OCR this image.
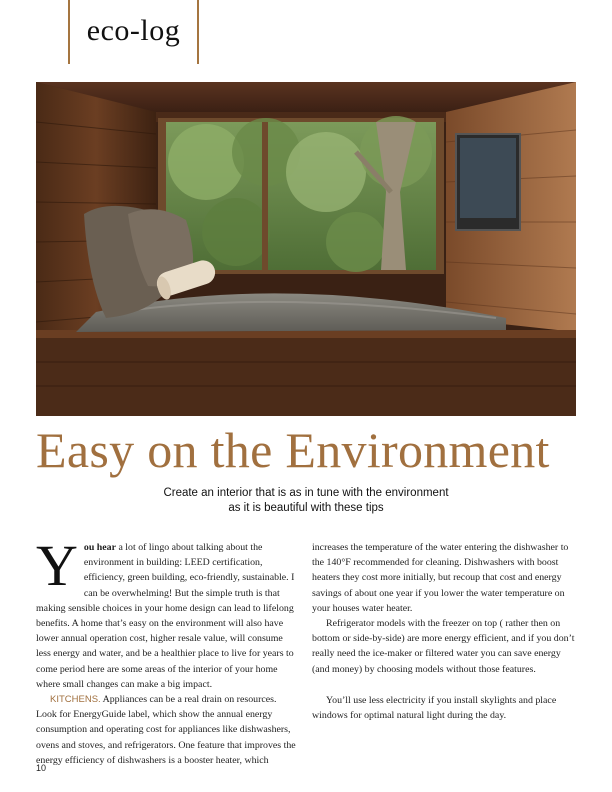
eco-log
Easy on the Environment
Create an interior that is as in tune with the environment
as it is beautiful with these tips

You hear a lot of lingo about talking about the environment in building: LEED certification, efficiency, green building, eco-friendly, sustainable. I can be overwhelming! But the simple truth is that making sensible choices in your home design can lead to lifelong benefits. A home that’s easy on the environment will also have lower annual operation cost, higher resale value, will consume less energy and water, and be a healthier place to live for years to come period here are some areas of the interior of your home where small changes can make a big impact.

KITCHENS. Appliances can be a real drain on resources. Look for EnergyGuide label, which show the annual energy consumption and operating cost for appliances like dishwashers, ovens and stoves, and refrigerators. One feature that improves the energy efficiency of dishwashers is a booster heater, which

increases the temperature of the water entering the dishwasher to the 140°F recommended for cleaning. Dishwashers with boost heaters they cost more initially, but recoup that cost and energy savings of about one year if you lower the water temperature on your houses water heater.

Refrigerator models with the freezer on top ( rather then on bottom or side-by-side) are more energy efficient, and if you don’t really need the ice-maker or filtered water you can save energy (and money) by choosing models without those features.

You’ll use less electricity if you install skylights and place windows for optimal natural light during the day.

10
